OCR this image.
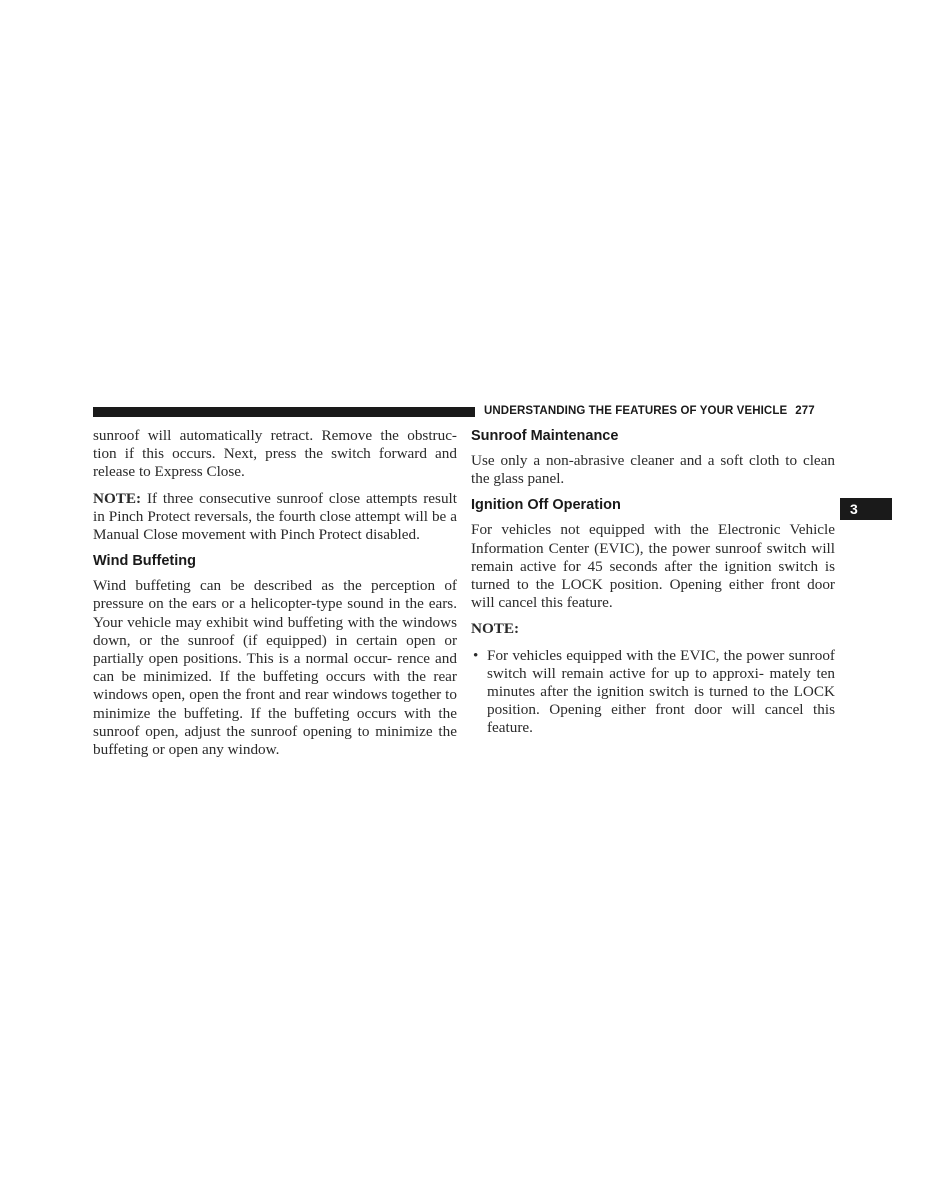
UNDERSTANDING THE FEATURES OF YOUR VEHICLE 277
3

sunroof will automatically retract. Remove the obstruc- tion if this occurs. Next, press the switch forward and release to Express Close.

NOTE: If three consecutive sunroof close attempts result in Pinch Protect reversals, the fourth close attempt will be a Manual Close movement with Pinch Protect disabled.

Wind Buffeting

Wind buffeting can be described as the perception of pressure on the ears or a helicopter-type sound in the ears. Your vehicle may exhibit wind buffeting with the windows down, or the sunroof (if equipped) in certain open or partially open positions. This is a normal occur- rence and can be minimized. If the buffeting occurs with the rear windows open, open the front and rear windows together to minimize the buffeting. If the buffeting occurs with the sunroof open, adjust the sunroof opening to minimize the buffeting or open any window.

Sunroof Maintenance

Use only a non-abrasive cleaner and a soft cloth to clean the glass panel.

Ignition Off Operation

For vehicles not equipped with the Electronic Vehicle Information Center (EVIC), the power sunroof switch will remain active for 45 seconds after the ignition switch is turned to the LOCK position. Opening either front door will cancel this feature.

NOTE:

• For vehicles equipped with the EVIC, the power sunroof switch will remain active for up to approxi- mately ten minutes after the ignition switch is turned to the LOCK position. Opening either front door will cancel this feature.
